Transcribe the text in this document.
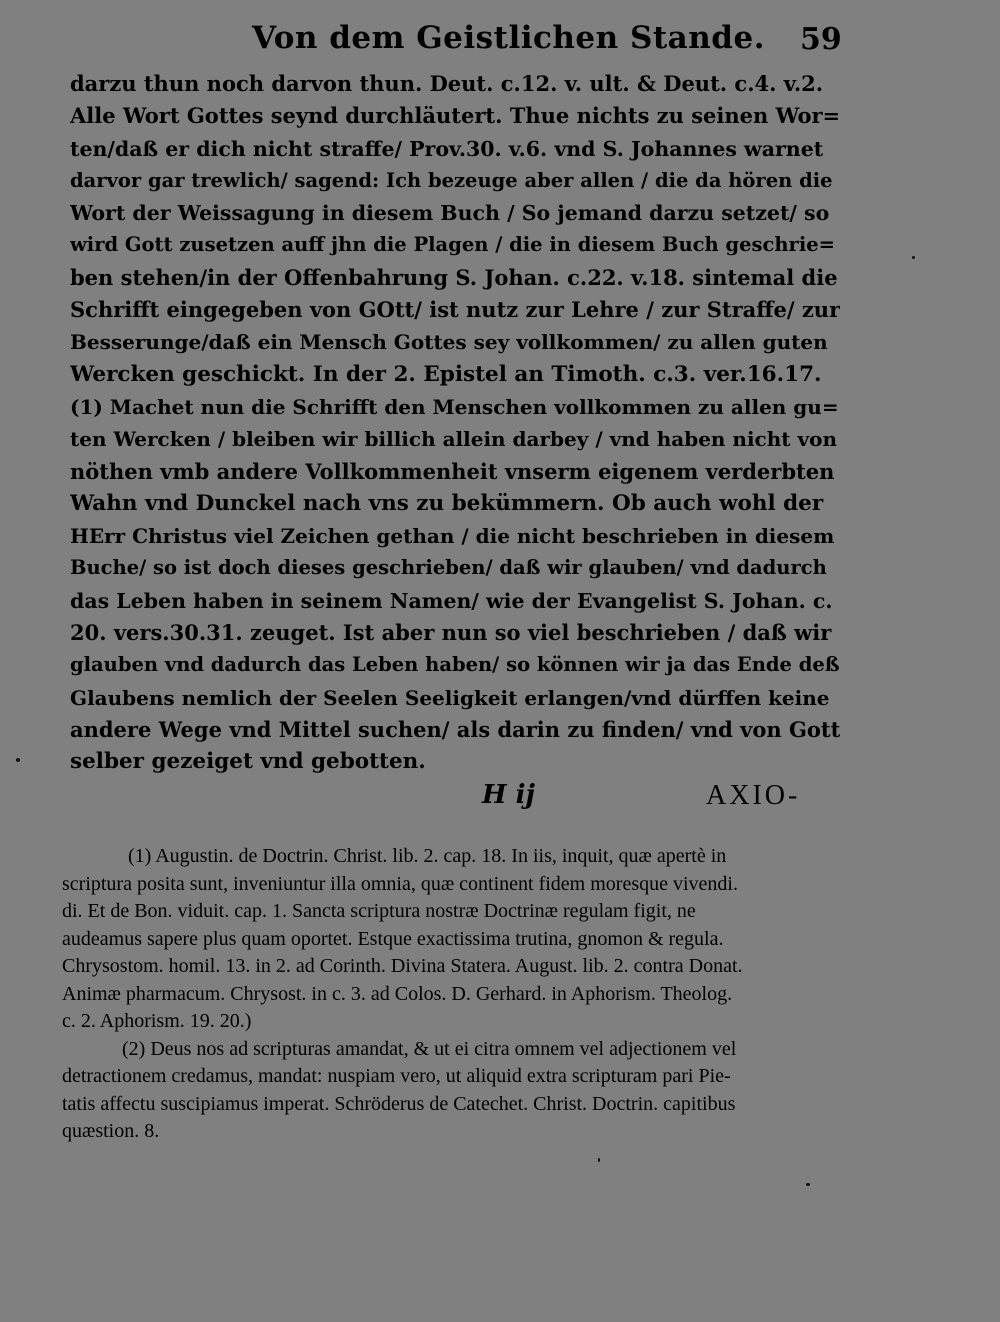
Von dem Geistlichen Stande. 59
darzu thun noch darvon thun. Deut. c.12. v. ult. & Deut. c.4. v.2.
Alle Wort Gottes seynd durchläutert. Thue nichts zu seinen Wor=
ten/daß er dich nicht straffe/ Prov.30. v.6. vnd S. Johannes warnet
darvor gar trewlich/ sagend: Ich bezeuge aber allen / die da hören die
Wort der Weissagung in diesem Buch / So jemand darzu setzet/ so
wird Gott zusetzen auff jhn die Plagen / die in diesem Buch geschrie=
ben stehen/in der Offenbahrung S. Johan. c.22. v.18. sintemal die
Schrifft eingegeben von GOtt/ ist nutz zur Lehre / zur Straffe/ zur
Besserunge/daß ein Mensch Gottes sey vollkommen/ zu allen guten
Wercken geschickt. In der 2. Epistel an Timoth. c.3. ver.16.17.
(1) Machet nun die Schrifft den Menschen vollkommen zu allen gu=
ten Wercken / bleiben wir billich allein darbey / vnd haben nicht von
nöthen vmb andere Vollkommenheit vnserm eigenem verderbten
Wahn vnd Dunckel nach vns zu bekümmern. Ob auch wohl der
HErr Christus viel Zeichen gethan / die nicht beschrieben in diesem
Buche/ so ist doch dieses geschrieben/ daß wir glauben/ vnd dadurch
das Leben haben in seinem Namen/ wie der Evangelist S. Johan. c.
20. vers.30.31. zeuget. Ist aber nun so viel beschrieben / daß wir
glauben vnd dadurch das Leben haben/ so können wir ja das Ende deß
Glaubens nemlich der Seelen Seeligkeit erlangen/vnd dürffen keine
andere Wege vnd Mittel suchen/ als darin zu finden/ vnd von Gott
selber gezeiget vnd gebotten.
H ij	AXIO-
(1) Augustin. de Doctrin. Christ. lib. 2. cap. 18. In iis, inquit, quæ apertè in
scriptura posita sunt, inveniuntur illa omnia, quæ continent fidem moresque vivendi.
di. Et de Bon. viduit. cap. 1. Sancta scriptura nostræ Doctrinæ regulam figit, ne
audeamus sapere plus quam oportet. Estque exactissima trutina, gnomon & regula.
Chrysostom. homil. 13. in 2. ad Corinth. Divina Statera. August. lib. 2. contra Donat.
Animæ pharmacum. Chrysost. in c. 3. ad Colos. D. Gerhard. in Aphorism. Theolog.
c. 2. Aphorism. 19. 20.)
(2) Deus nos ad scripturas amandat, & ut ei citra omnem vel adjectionem vel
detractionem credamus, mandat: nuspiam vero, ut aliquid extra scripturam pari Pie-
tatis affectu suscipiamus imperat. Schröderus de Catechet. Christ. Doctrin. capitibus
quæstion. 8.
